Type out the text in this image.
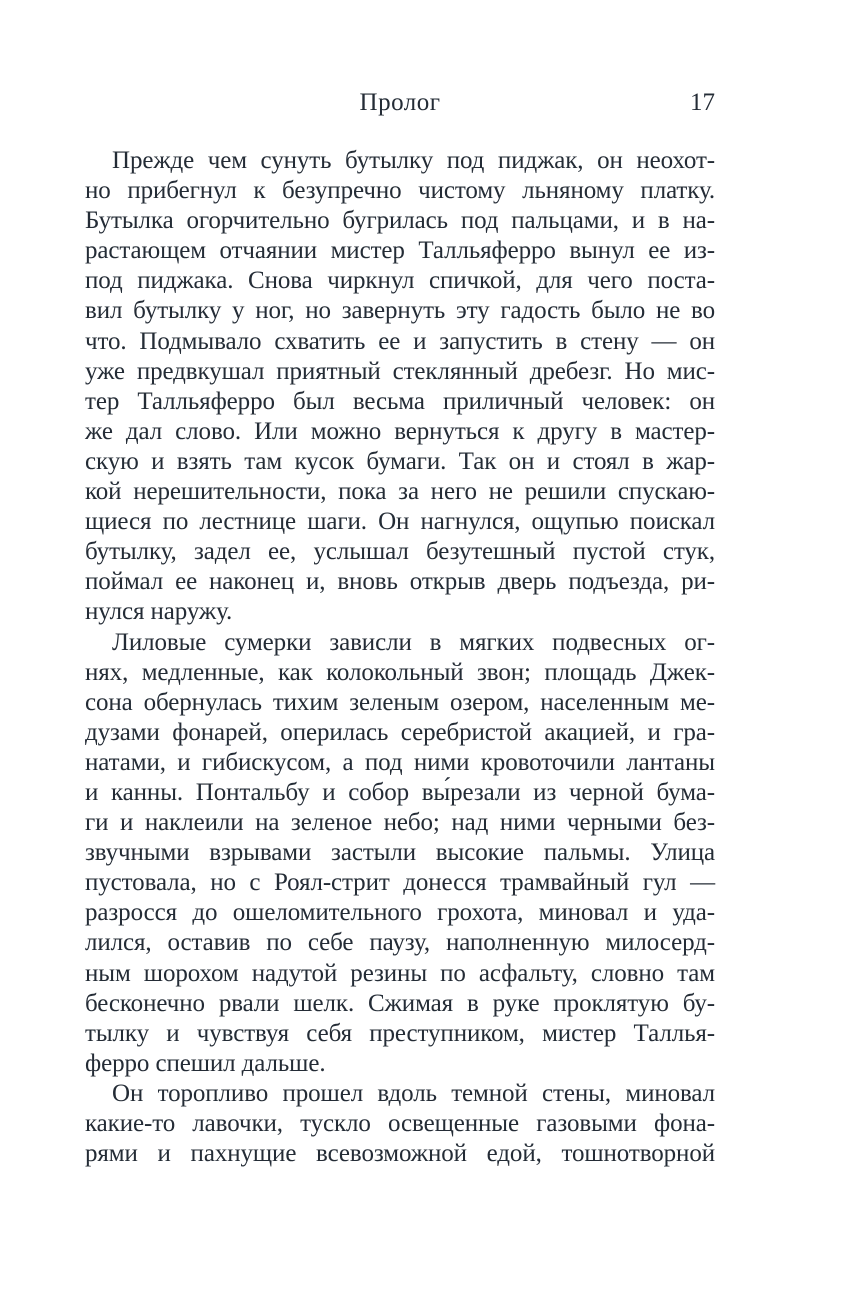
Пролог	17
Прежде чем сунуть бутылку под пиджак, он неохот-
но прибегнул к безупречно чистому льняному платку.
Бутылка огорчительно бугрилась под пальцами, и в на-
растающем отчаянии мистер Талльяферро вынул ее из-
под пиджака. Снова чиркнул спичкой, для чего поста-
вил бутылку у ног, но завернуть эту гадость было не во
что. Подмывало схватить ее и запустить в стену — он
уже предвкушал приятный стеклянный дребезг. Но мис-
тер Талльяферро был весьма приличный человек: он
же дал слово. Или можно вернуться к другу в мастер-
скую и взять там кусок бумаги. Так он и стоял в жар-
кой нерешительности, пока за него не решили спускаю-
щиеся по лестнице шаги. Он нагнулся, ощупью поискал
бутылку, задел ее, услышал безутешный пустой стук,
поймал ее наконец и, вновь открыв дверь подъезда, ри-
нулся наружу.
Лиловые сумерки зависли в мягких подвесных ог-
нях, медленные, как колокольный звон; площадь Джек-
сона обернулась тихим зеленым озером, населенным ме-
дузами фонарей, оперилась серебристой акацией, и гра-
натами, и гибискусом, а под ними кровоточили лантаны
и канны. Понтальбу и собор вы́резали из черной бума-
ги и наклеили на зеленое небо; над ними черными без-
звучными взрывами застыли высокие пальмы. Улица
пустовала, но с Роял-стрит донесся трамвайный гул —
разросся до ошеломительного грохота, миновал и уда-
лился, оставив по себе паузу, наполненную милосерд-
ным шорохом надутой резины по асфальту, словно там
бесконечно рвали шелк. Сжимая в руке проклятую бу-
тылку и чувствуя себя преступником, мистер Таллья-
ферро спешил дальше.
Он торопливо прошел вдоль темной стены, миновал
какие-то лавочки, тускло освещенные газовыми фона-
рями и пахнущие всевозможной едой, тошнотворной
